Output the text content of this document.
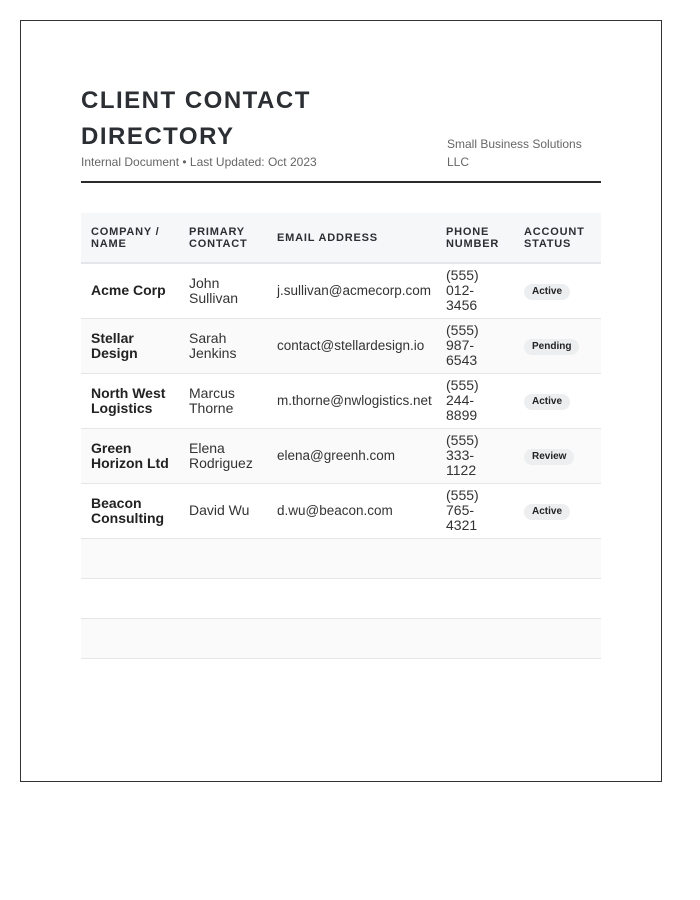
CLIENT CONTACT DIRECTORY
Internal Document • Last Updated: Oct 2023
Small Business Solutions LLC
COMPANY / NAME	PRIMARY CONTACT	EMAIL ADDRESS	PHONE NUMBER	ACCOUNT STATUS
Acme Corp	John Sullivan	j.sullivan@acmecorp.com	(555) 012-3456	Active
Stellar Design	Sarah Jenkins	contact@stellardesign.io	(555) 987-6543	Pending
North West Logistics	Marcus Thorne	m.thorne@nwlogistics.net	(555) 244-8899	Active
Green Horizon Ltd	Elena Rodriguez	elena@greenh.com	(555) 333-1122	Review
Beacon Consulting	David Wu	d.wu@beacon.com	(555) 765-4321	Active
